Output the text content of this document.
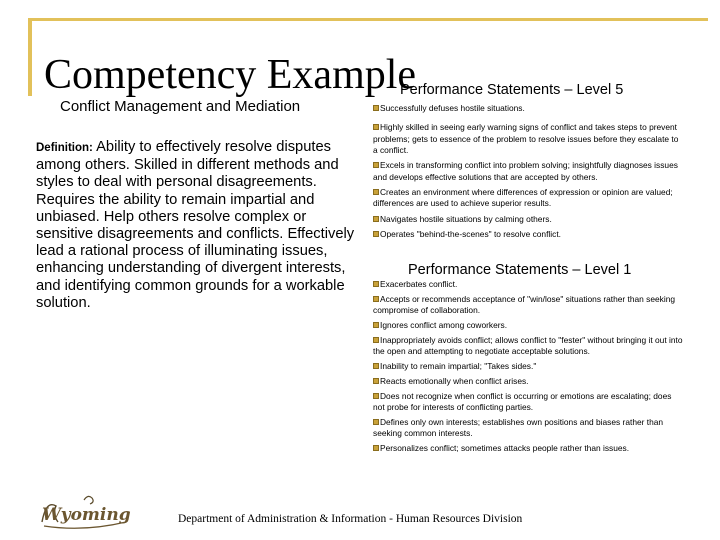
Competency Example
Conflict Management and Mediation
Definition: Ability to effectively resolve disputes among others. Skilled in different methods and styles to deal with personal disagreements. Requires the ability to remain impartial and unbiased. Help others resolve complex or sensitive disagreements and conflicts. Effectively lead a rational process of illuminating issues, enhancing understanding of divergent interests, and identifying common grounds for a workable solution.
Performance Statements – Level 5
Successfully defuses hostile situations.
Highly skilled in seeing early warning signs of conflict and takes steps to prevent problems; gets to essence of the problem to resolve issues before they escalate to a conflict.
Excels in transforming conflict into problem solving; insightfully diagnoses issues and develops effective solutions that are accepted by others.
Creates an environment where differences of expression or opinion are valued; differences are used to achieve superior results.
Navigates hostile situations by calming others.
Operates "behind-the-scenes" to resolve conflict.
Performance Statements – Level 1
Exacerbates conflict.
Accepts or recommends acceptance of "win/lose" situations rather than seeking compromise of collaboration.
Ignores conflict among coworkers.
Inappropriately avoids conflict; allows conflict to "fester" without bringing it out into the open and attempting to negotiate acceptable solutions.
Inability to remain impartial; "Takes sides."
Reacts emotionally when conflict arises.
Does not recognize when conflict is occurring or emotions are escalating; does not probe for interests of conflicting parties.
Defines only own interests; establishes own positions and biases rather than seeking common interests.
Personalizes conflict; sometimes attacks people rather than issues.
Wyoming	Department of Administration & Information - Human Resources Division
